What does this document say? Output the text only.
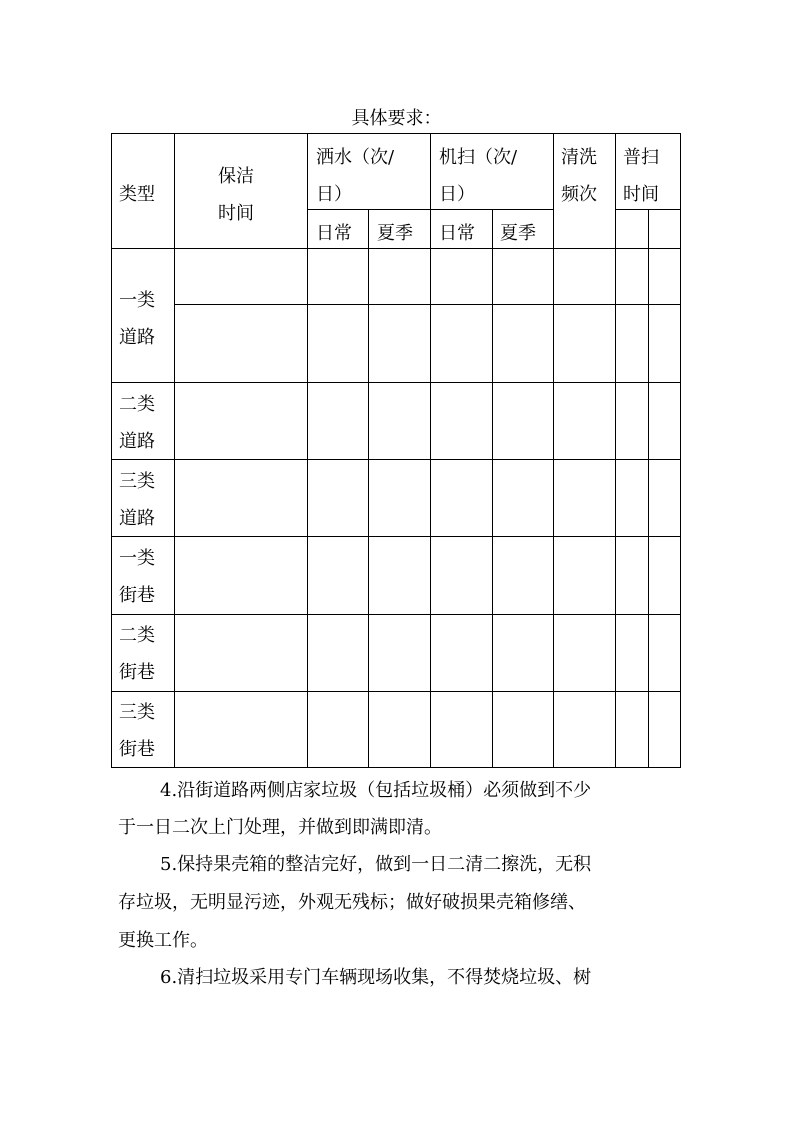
具体要求：
类型
保洁
时间
洒水（次/
日）
机扫（次/
日）
清洗
频次
普扫
时间
日常 夏季 日常 夏季
一类
道路
二类
道路
三类
道路
一类
街巷
二类
街巷
三类
街巷
4.沿街道路两侧店家垃圾（包括垃圾桶）必须做到不少
于一日二次上门处理，并做到即满即清。
5.保持果壳箱的整洁完好，做到一日二清二擦洗，无积
存垃圾，无明显污迹，外观无残标；做好破损果壳箱修缮、
更换工作。
6.清扫垃圾采用专门车辆现场收集，不得焚烧垃圾、树
